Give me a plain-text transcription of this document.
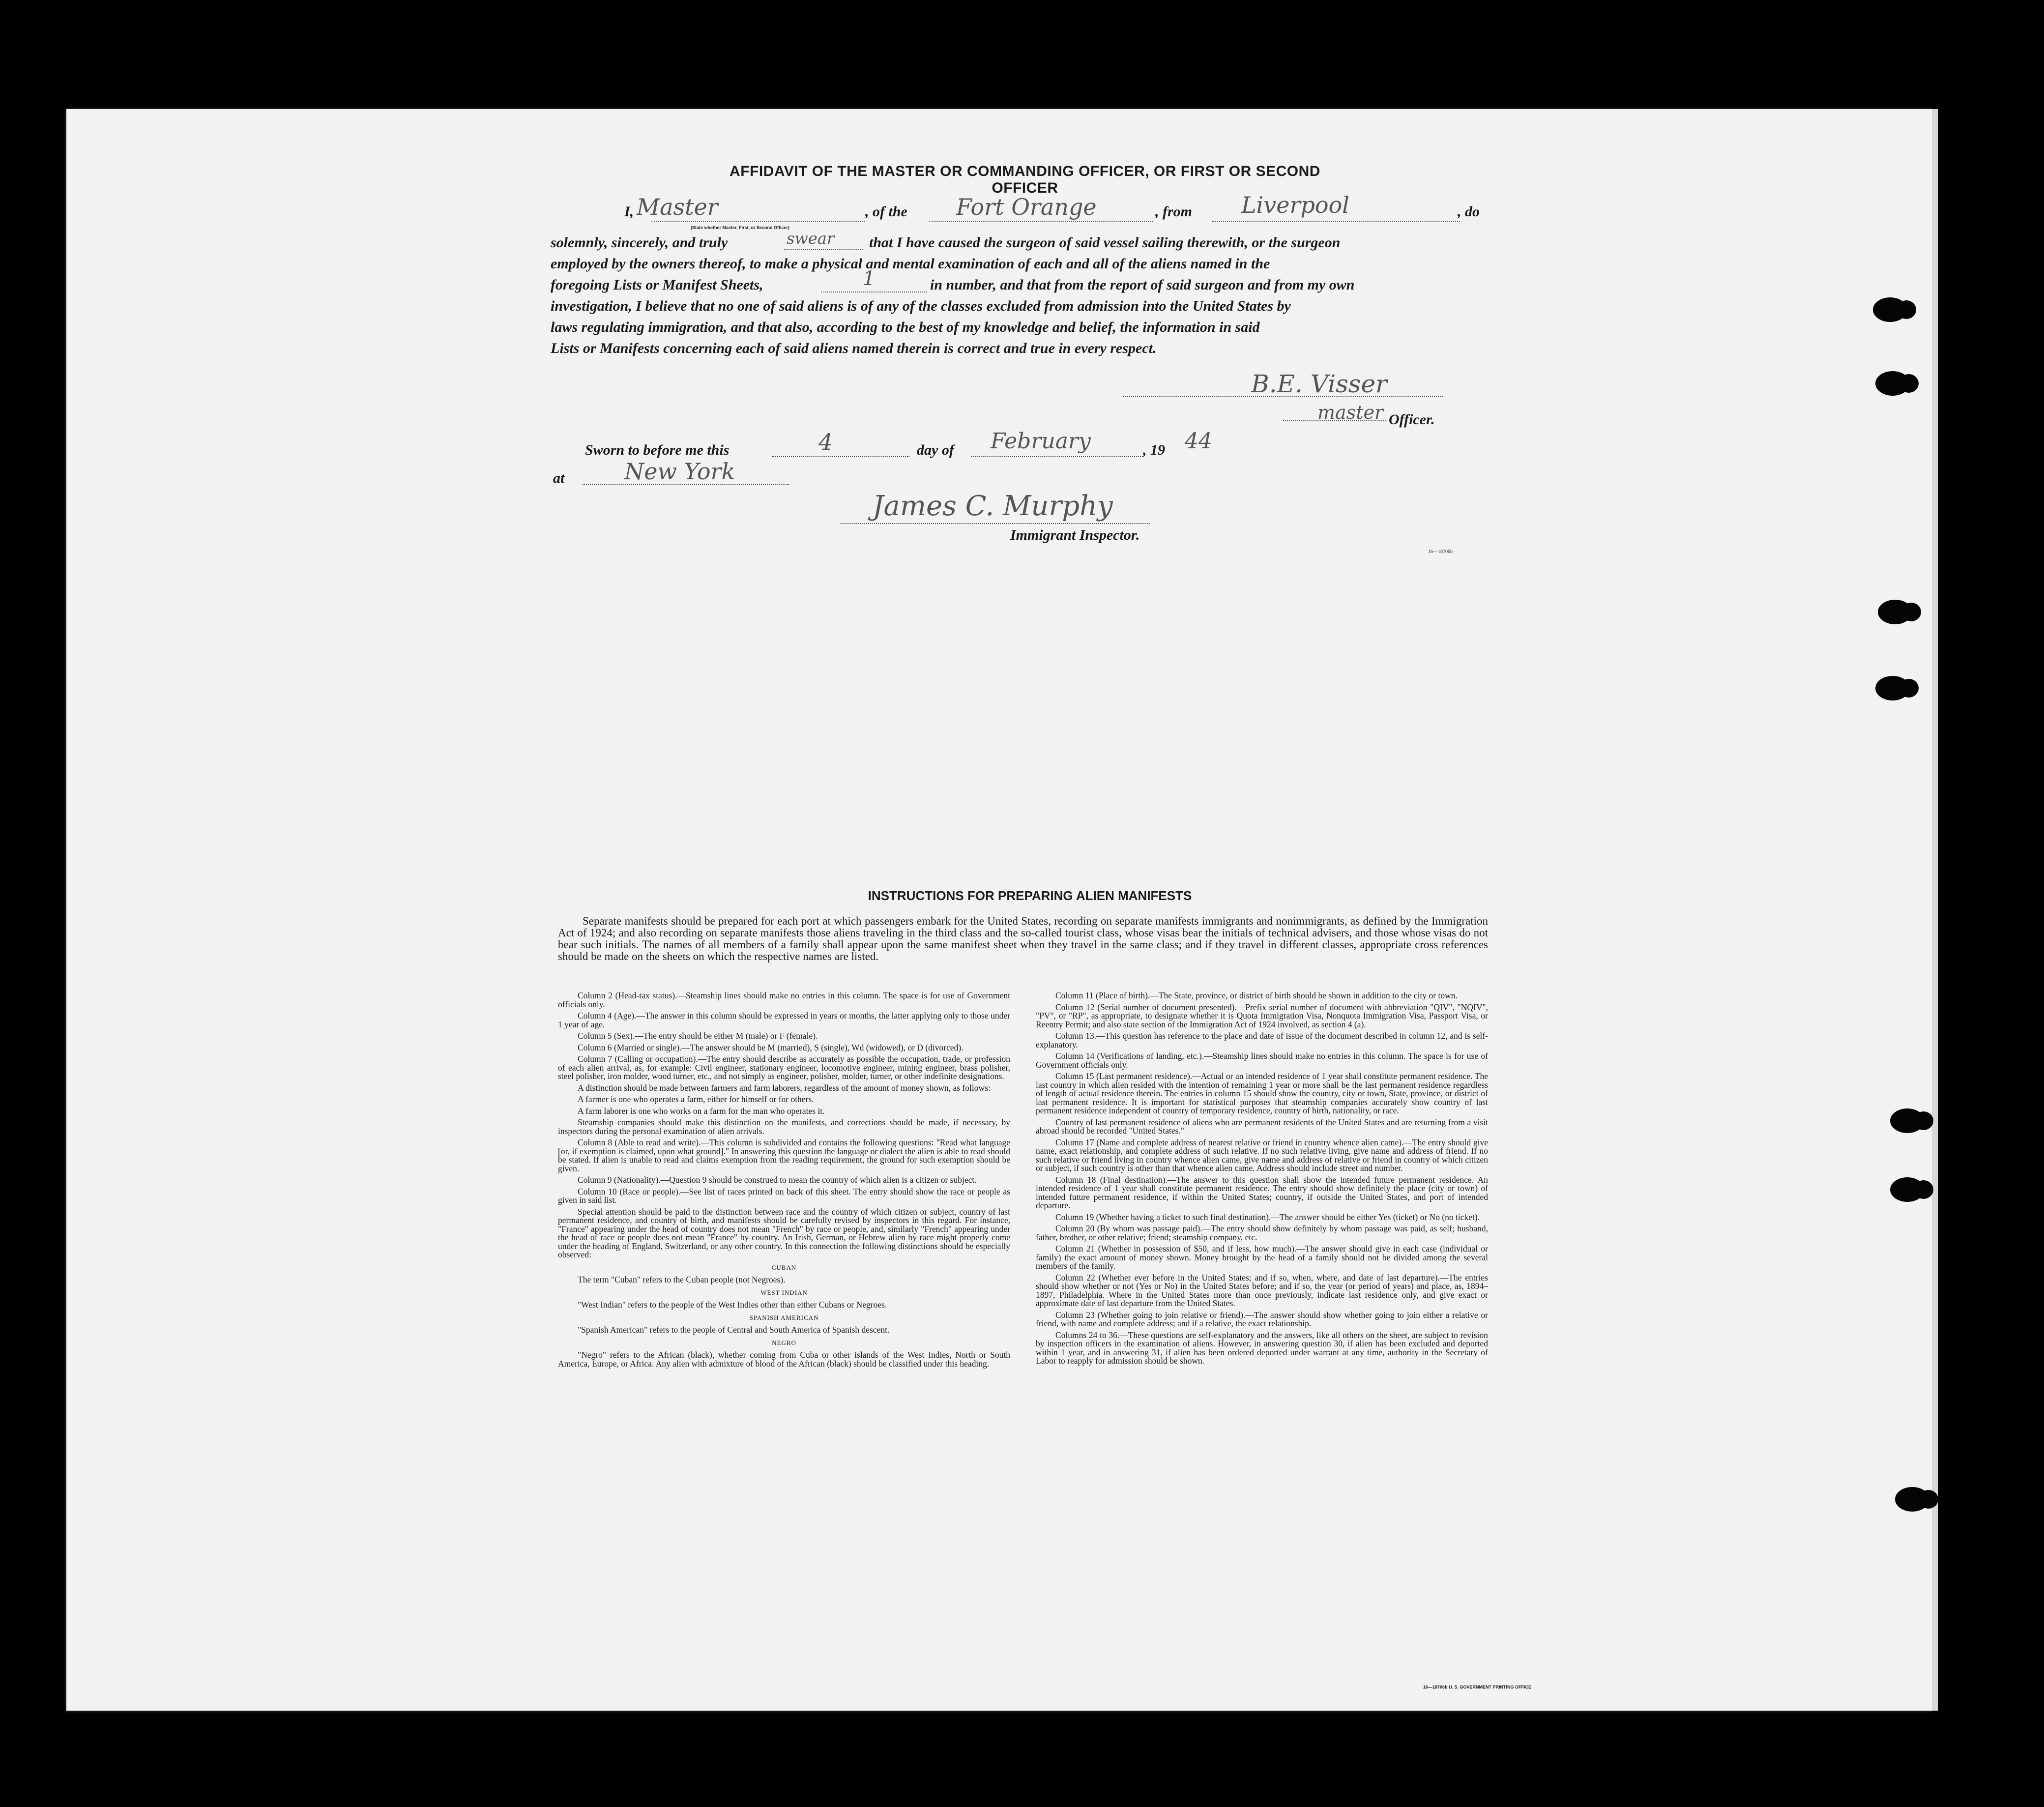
AFFIDAVIT OF THE MASTER OR COMMANDING OFFICER, OR FIRST OR SECOND OFFICER
I,	, of the	, from	, do
(State whether Master, First, or Second Officer)
solemnly, sincerely, and truly	that I have caused the surgeon of said vessel sailing therewith, or the surgeon
employed by the owners thereof, to make a physical and mental examination of each and all of the aliens named in the
foregoing Lists or Manifest Sheets,	in number, and that from the report of said surgeon and from my own
investigation, I believe that no one of said aliens is of any of the classes excluded from admission into the United States by
laws regulating immigration, and that also, according to the best of my knowledge and belief, the information in said
Lists or Manifests concerning each of said aliens named therein is correct and true in every respect.
Officer.
Sworn to before me this	day of	, 19
at
Immigrant Inspector.
16—18706b
Master	Fort Orange	Liverpool
swear
1
B.E. Visser
master
4	February	44
New York
James C. Murphy
INSTRUCTIONS FOR PREPARING ALIEN MANIFESTS
Separate manifests should be prepared for each port at which passengers embark for the United States, recording on separate manifests immigrants and nonimmigrants, as defined by the Immigration Act of 1924; and also recording on separate manifests those aliens traveling in the third class and the so-called tourist class, whose visas bear the initials of technical advisers, and those whose visas do not bear such initials. The names of all members of a family shall appear upon the same manifest sheet when they travel in the same class; and if they travel in different classes, appropriate cross references should be made on the sheets on which the respective names are listed.

Column 2 (Head-tax status).—Steamship lines should make no entries in this column. The space is for use of Government officials only.

Column 4 (Age).—The answer in this column should be expressed in years or months, the latter applying only to those under 1 year of age.

Column 5 (Sex).—The entry should be either M (male) or F (female).

Column 6 (Married or single).—The answer should be M (married), S (single), Wd (widowed), or D (divorced).

Column 7 (Calling or occupation).—The entry should describe as accurately as possible the occupation, trade, or profession of each alien arrival, as, for example: Civil engineer, stationary engineer, locomotive engineer, mining engineer, brass polisher, steel polisher, iron molder, wood turner, etc., and not simply as engineer, polisher, molder, turner, or other indefinite designations.

A distinction should be made between farmers and farm laborers, regardless of the amount of money shown, as follows:

A farmer is one who operates a farm, either for himself or for others.

A farm laborer is one who works on a farm for the man who operates it.

Steamship companies should make this distinction on the manifests, and corrections should be made, if necessary, by inspectors during the personal examination of alien arrivals.

Column 8 (Able to read and write).—This column is subdivided and contains the following questions: "Read what language [or, if exemption is claimed, upon what ground]." In answering this question the language or dialect the alien is able to read should be stated. If alien is unable to read and claims exemption from the reading requirement, the ground for such exemption should be given.

Column 9 (Nationality).—Question 9 should be construed to mean the country of which alien is a citizen or subject.

Column 10 (Race or people).—See list of races printed on back of this sheet. The entry should show the race or people as given in said list.

Special attention should be paid to the distinction between race and the country of which citizen or subject, country of last permanent residence, and country of birth, and manifests should be carefully revised by inspectors in this regard. For instance, "France" appearing under the head of country does not mean "French" by race or people, and, similarly "French" appearing under the head of race or people does not mean "France" by country. An Irish, German, or Hebrew alien by race might properly come under the heading of England, Switzerland, or any other country. In this connection the following distinctions should be especially observed:

CUBAN

The term "Cuban" refers to the Cuban people (not Negroes).

WEST INDIAN

"West Indian" refers to the people of the West Indies other than either Cubans or Negroes.

SPANISH AMERICAN

"Spanish American" refers to the people of Central and South America of Spanish descent.

NEGRO

"Negro" refers to the African (black), whether coming from Cuba or other islands of the West Indies, North or South America, Europe, or Africa. Any alien with admixture of blood of the African (black) should be classified under this heading.

Column 11 (Place of birth).—The State, province, or district of birth should be shown in addition to the city or town.

Column 12 (Serial number of document presented).—Prefix serial number of document with abbreviation "QIV", "NQIV", "PV", or "RP", as appropriate, to designate whether it is Quota Immigration Visa, Nonquota Immigration Visa, Passport Visa, or Reentry Permit; and also state section of the Immigration Act of 1924 involved, as section 4 (a).

Column 13.—This question has reference to the place and date of issue of the document described in column 12, and is self-explanatory.

Column 14 (Verifications of landing, etc.).—Steamship lines should make no entries in this column. The space is for use of Government officials only.

Column 15 (Last permanent residence).—Actual or an intended residence of 1 year shall constitute permanent residence. The last country in which alien resided with the intention of remaining 1 year or more shall be the last permanent residence regardless of length of actual residence therein. The entries in column 15 should show the country, city or town, State, province, or district of last permanent residence. It is important for statistical purposes that steamship companies accurately show country of last permanent residence independent of country of temporary residence, country of birth, nationality, or race.

Country of last permanent residence of aliens who are permanent residents of the United States and are returning from a visit abroad should be recorded "United States."

Column 17 (Name and complete address of nearest relative or friend in country whence alien came).—The entry should give name, exact relationship, and complete address of such relative. If no such relative living, give name and address of friend. If no such relative or friend living in country whence alien came, give name and address of relative or friend in country of which citizen or subject, if such country is other than that whence alien came. Address should include street and number.

Column 18 (Final destination).—The answer to this question shall show the intended future permanent residence. An intended residence of 1 year shall constitute permanent residence. The entry should show definitely the place (city or town) of intended future permanent residence, if within the United States; country, if outside the United States, and port of intended departure.

Column 19 (Whether having a ticket to such final destination).—The answer should be either Yes (ticket) or No (no ticket).

Column 20 (By whom was passage paid).—The entry should show definitely by whom passage was paid, as self; husband, father, brother, or other relative; friend; steamship company, etc.

Column 21 (Whether in possession of $50, and if less, how much).—The answer should give in each case (individual or family) the exact amount of money shown. Money brought by the head of a family should not be divided among the several members of the family.

Column 22 (Whether ever before in the United States; and if so, when, where, and date of last departure).—The entries should show whether or not (Yes or No) in the United States before; and if so, the year (or period of years) and place, as, 1894–1897, Philadelphia. Where in the United States more than once previously, indicate last residence only, and give exact or approximate date of last departure from the United States.

Column 23 (Whether going to join relative or friend).—The answer should show whether going to join either a relative or friend, with name and complete address; and if a relative, the exact relationship.

Columns 24 to 36.—These questions are self-explanatory and the answers, like all others on the sheet, are subject to revision by inspection officers in the examination of aliens. However, in answering question 30, if alien has been excluded and deported within 1 year, and in answering 31, if alien has been ordered deported under warrant at any time, authority in the Secretary of Labor to reapply for admission should be shown.

16—18706b U. S. GOVERNMENT PRINTING OFFICE
